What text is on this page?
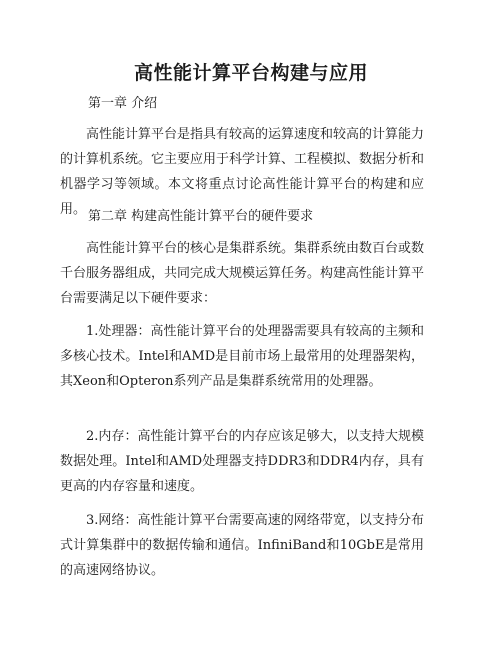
高性能计算平台构建与应用

第一章 介绍

高性能计算平台是指具有较高的运算速度和较高的计算能力的计算机系统。它主要应用于科学计算、工程模拟、数据分析和机器学习等领域。本文将重点讨论高性能计算平台的构建和应用。 第二章 构建高性能计算平台的硬件要求

高性能计算平台的核心是集群系统。集群系统由数百台或数千台服务器组成，共同完成大规模运算任务。构建高性能计算平台需要满足以下硬件要求：

1.处理器：高性能计算平台的处理器需要具有较高的主频和多核心技术。Intel和AMD是目前市场上最常用的处理器架构，其Xeon和Opteron系列产品是集群系统常用的处理器。

2.内存：高性能计算平台的内存应该足够大，以支持大规模数据处理。Intel和AMD处理器支持DDR3和DDR4内存，具有更高的内存容量和速度。

3.网络：高性能计算平台需要高速的网络带宽，以支持分布式计算集群中的数据传输和通信。InfiniBand和10GbE是常用的高速网络协议。
